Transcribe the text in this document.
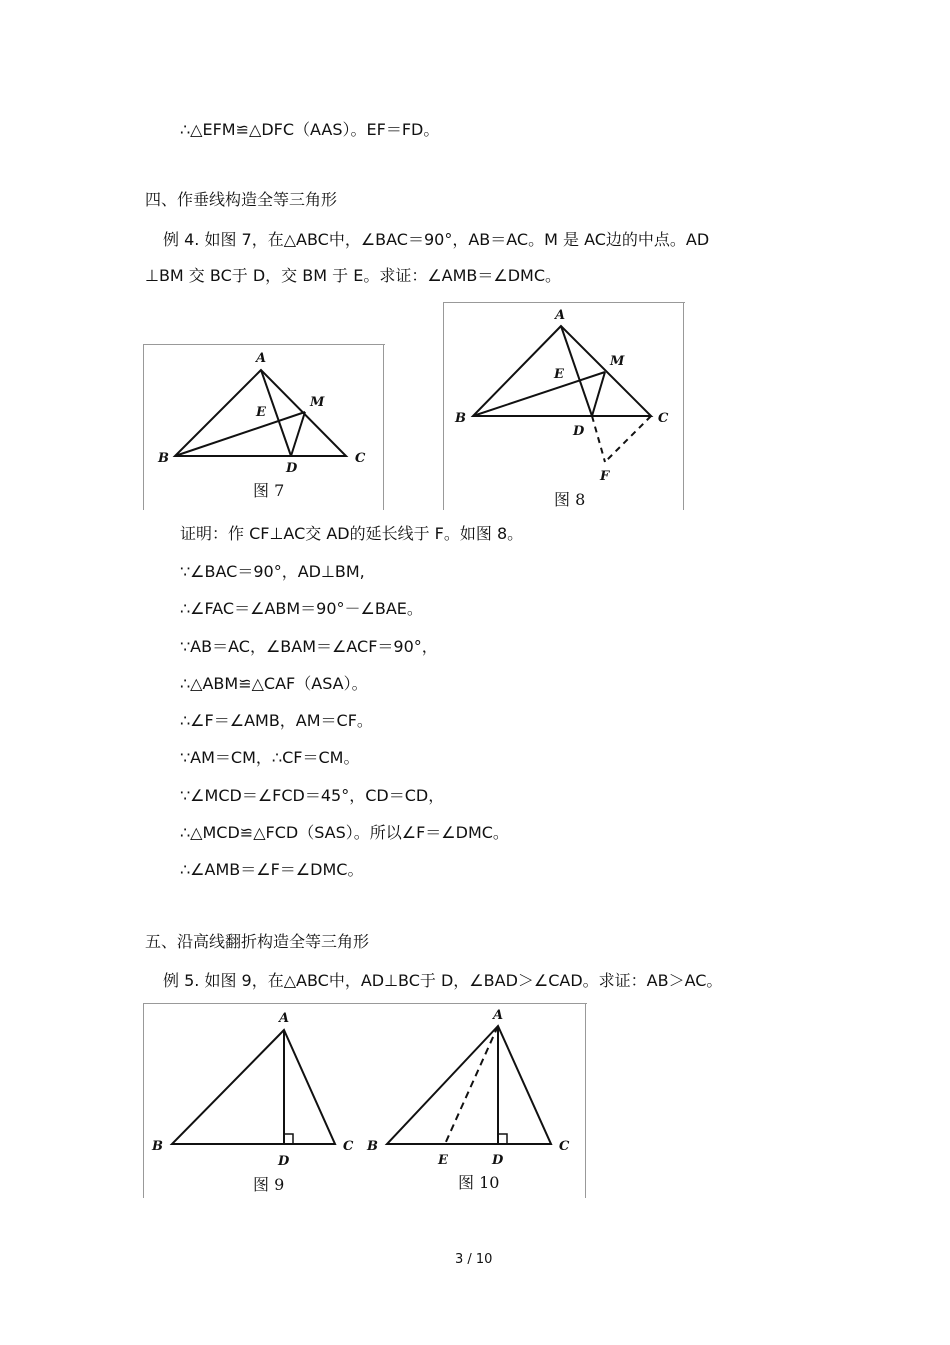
∴△EFM≌△DFC（AAS）。EF＝FD。
四、作垂线构造全等三角形
例 4. 如图 7，在△ABC中，∠BAC＝90°，AB＝AC。M 是 AC边的中点。AD
⊥BM 交 BC于 D，交 BM 于 E。求证：∠AMB＝∠DMC。
A
B	C
D
E
M
图 7
A
B	C
D
E
M
F
图 8
证明：作 CF⊥AC交 AD的延长线于 F。如图 8。
∵∠BAC＝90°，AD⊥BM,
∴∠FAC＝∠ABM＝90°－∠BAE。
∵AB＝AC，∠BAM＝∠ACF＝90°，
∴△ABM≌△CAF（ASA）。
∴∠F＝∠AMB，AM＝CF。
∵AM＝CM，∴CF＝CM。
∵∠MCD＝∠FCD＝45°，CD＝CD，
∴△MCD≌△FCD（SAS）。所以∠F＝∠DMC。
∴∠AMB＝∠F＝∠DMC。
五、沿高线翻折构造全等三角形
例 5. 如图 9，在△ABC中，AD⊥BC于 D，∠BAD＞∠CAD。求证：AB＞AC。
A
B	C
D
图 9
A
B	C
D
E
图 10
3 / 10
